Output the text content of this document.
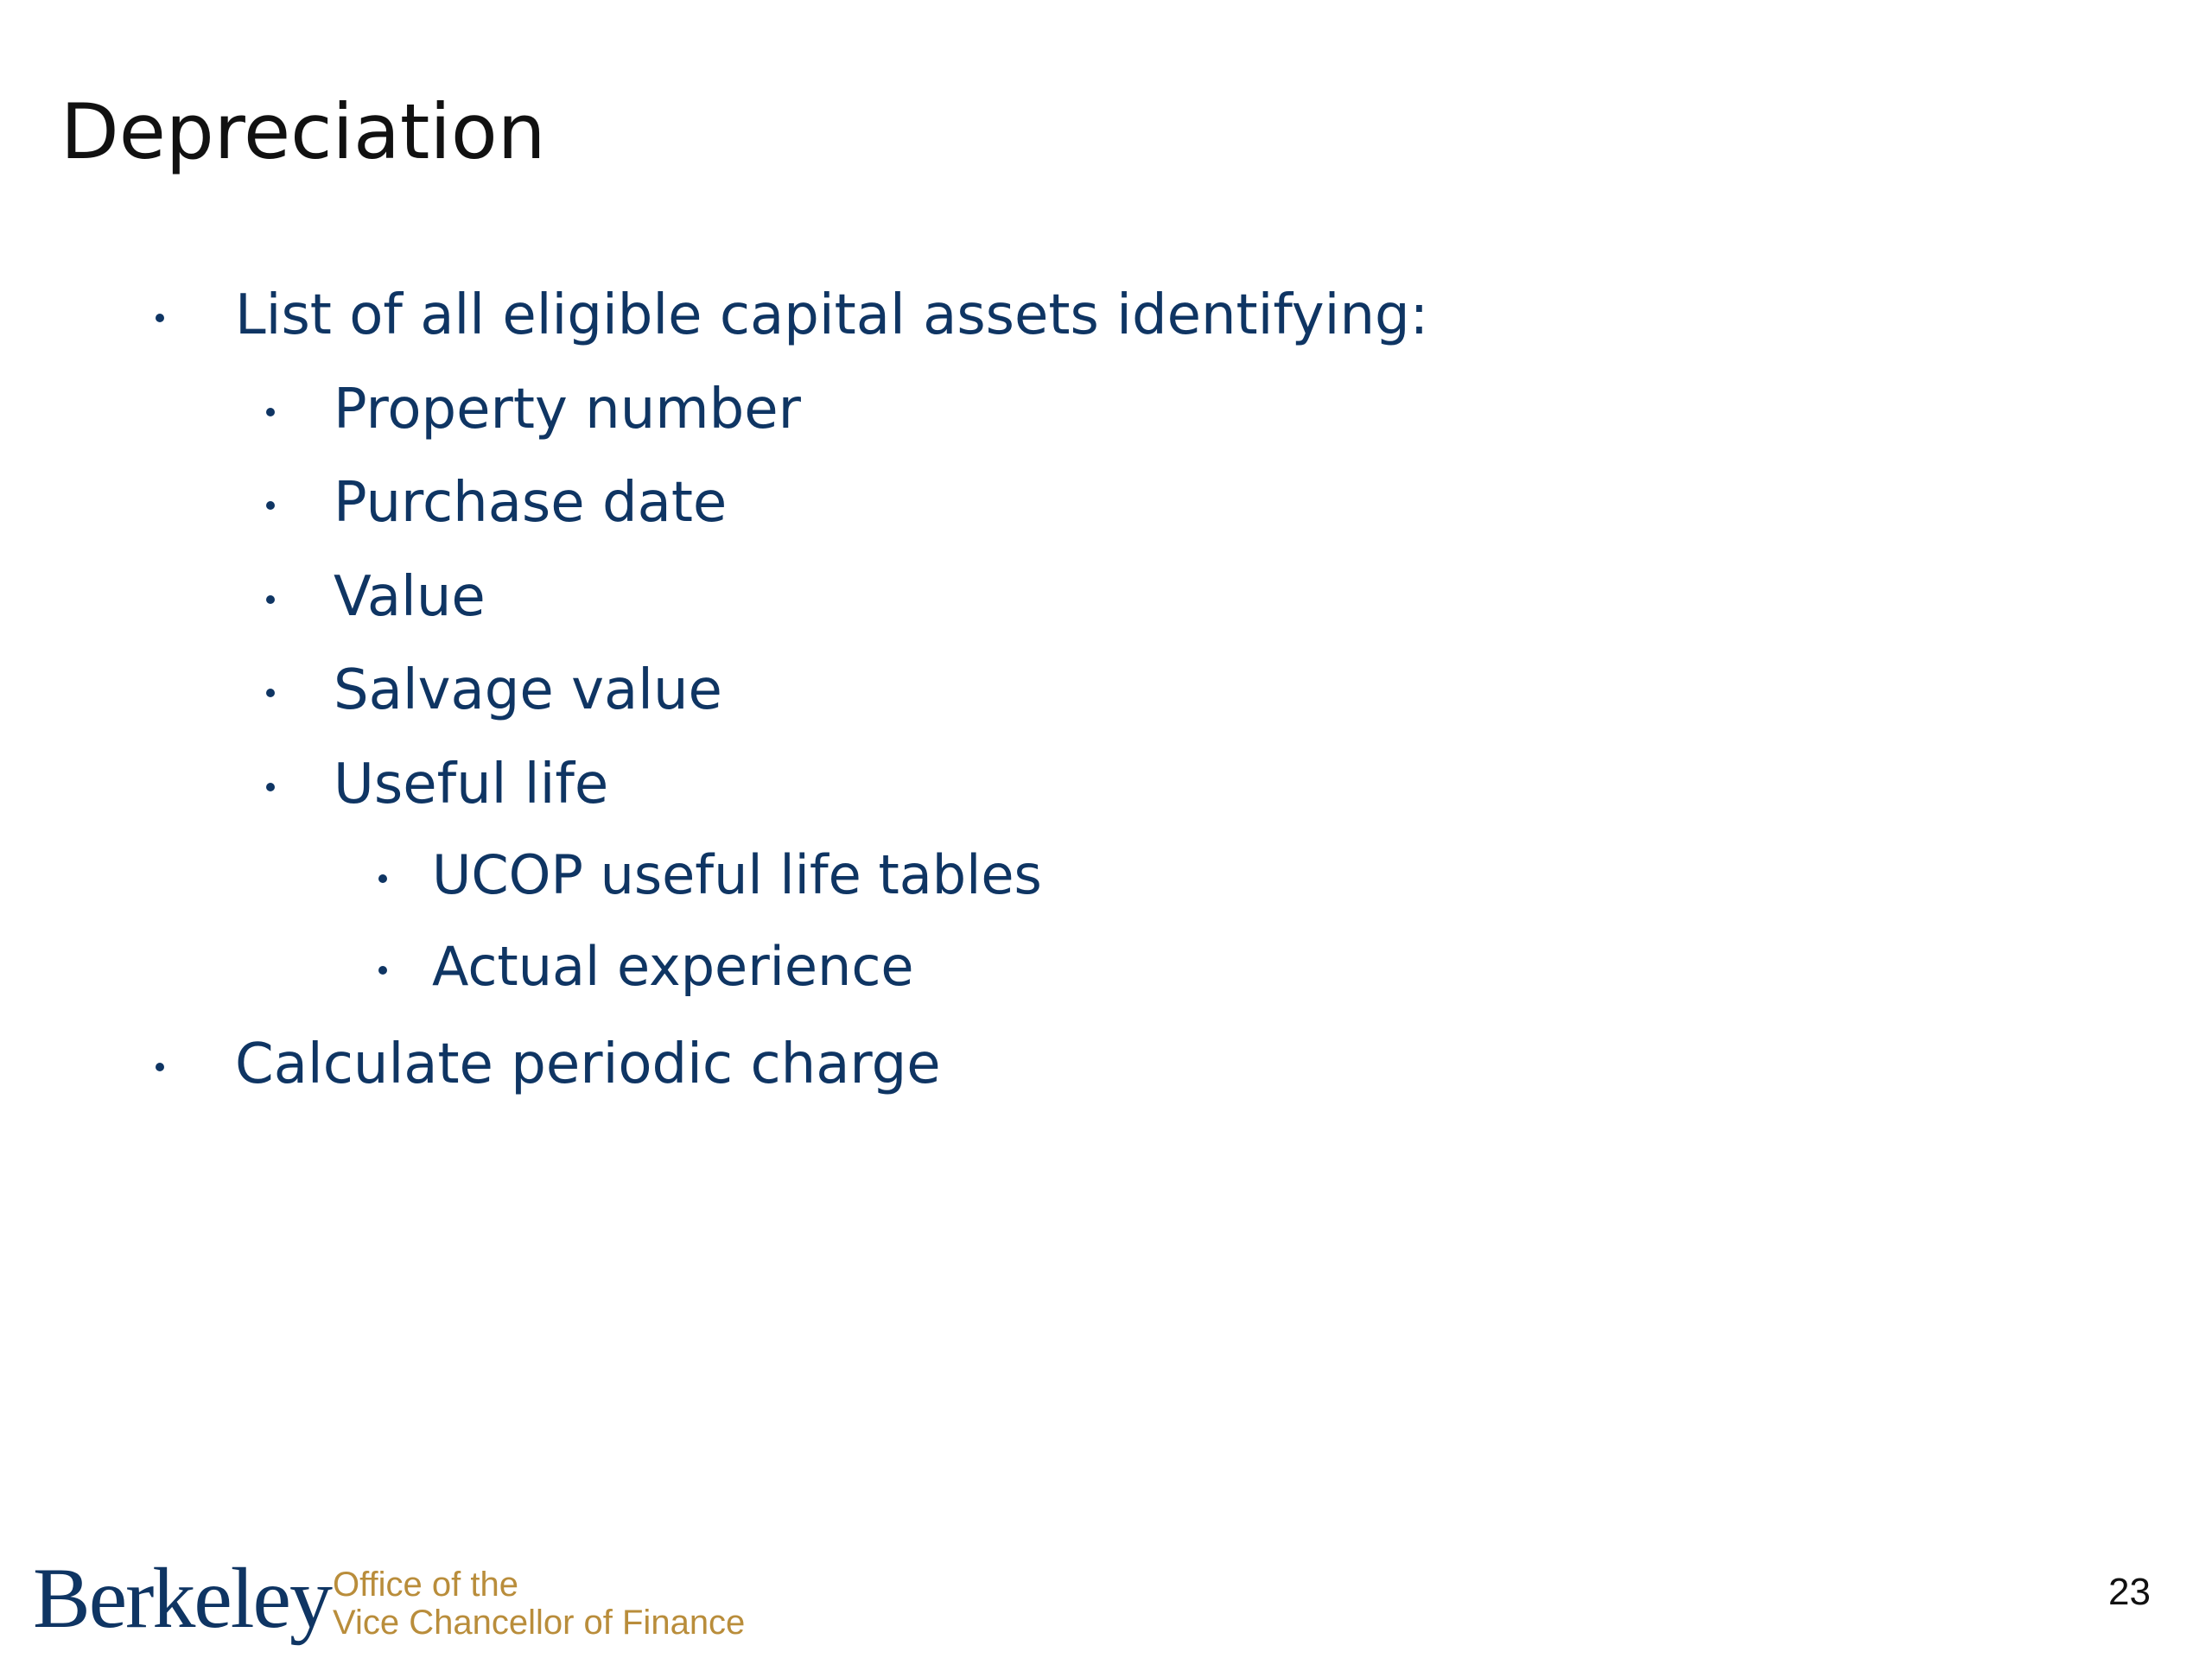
Depreciation
List of all eligible capital assets identifying:
Property number
Purchase date
Value
Salvage value
Useful life
UCOP useful life tables
Actual experience
Calculate periodic charge
Berkeley Office of the
Vice Chancellor of Finance
23
